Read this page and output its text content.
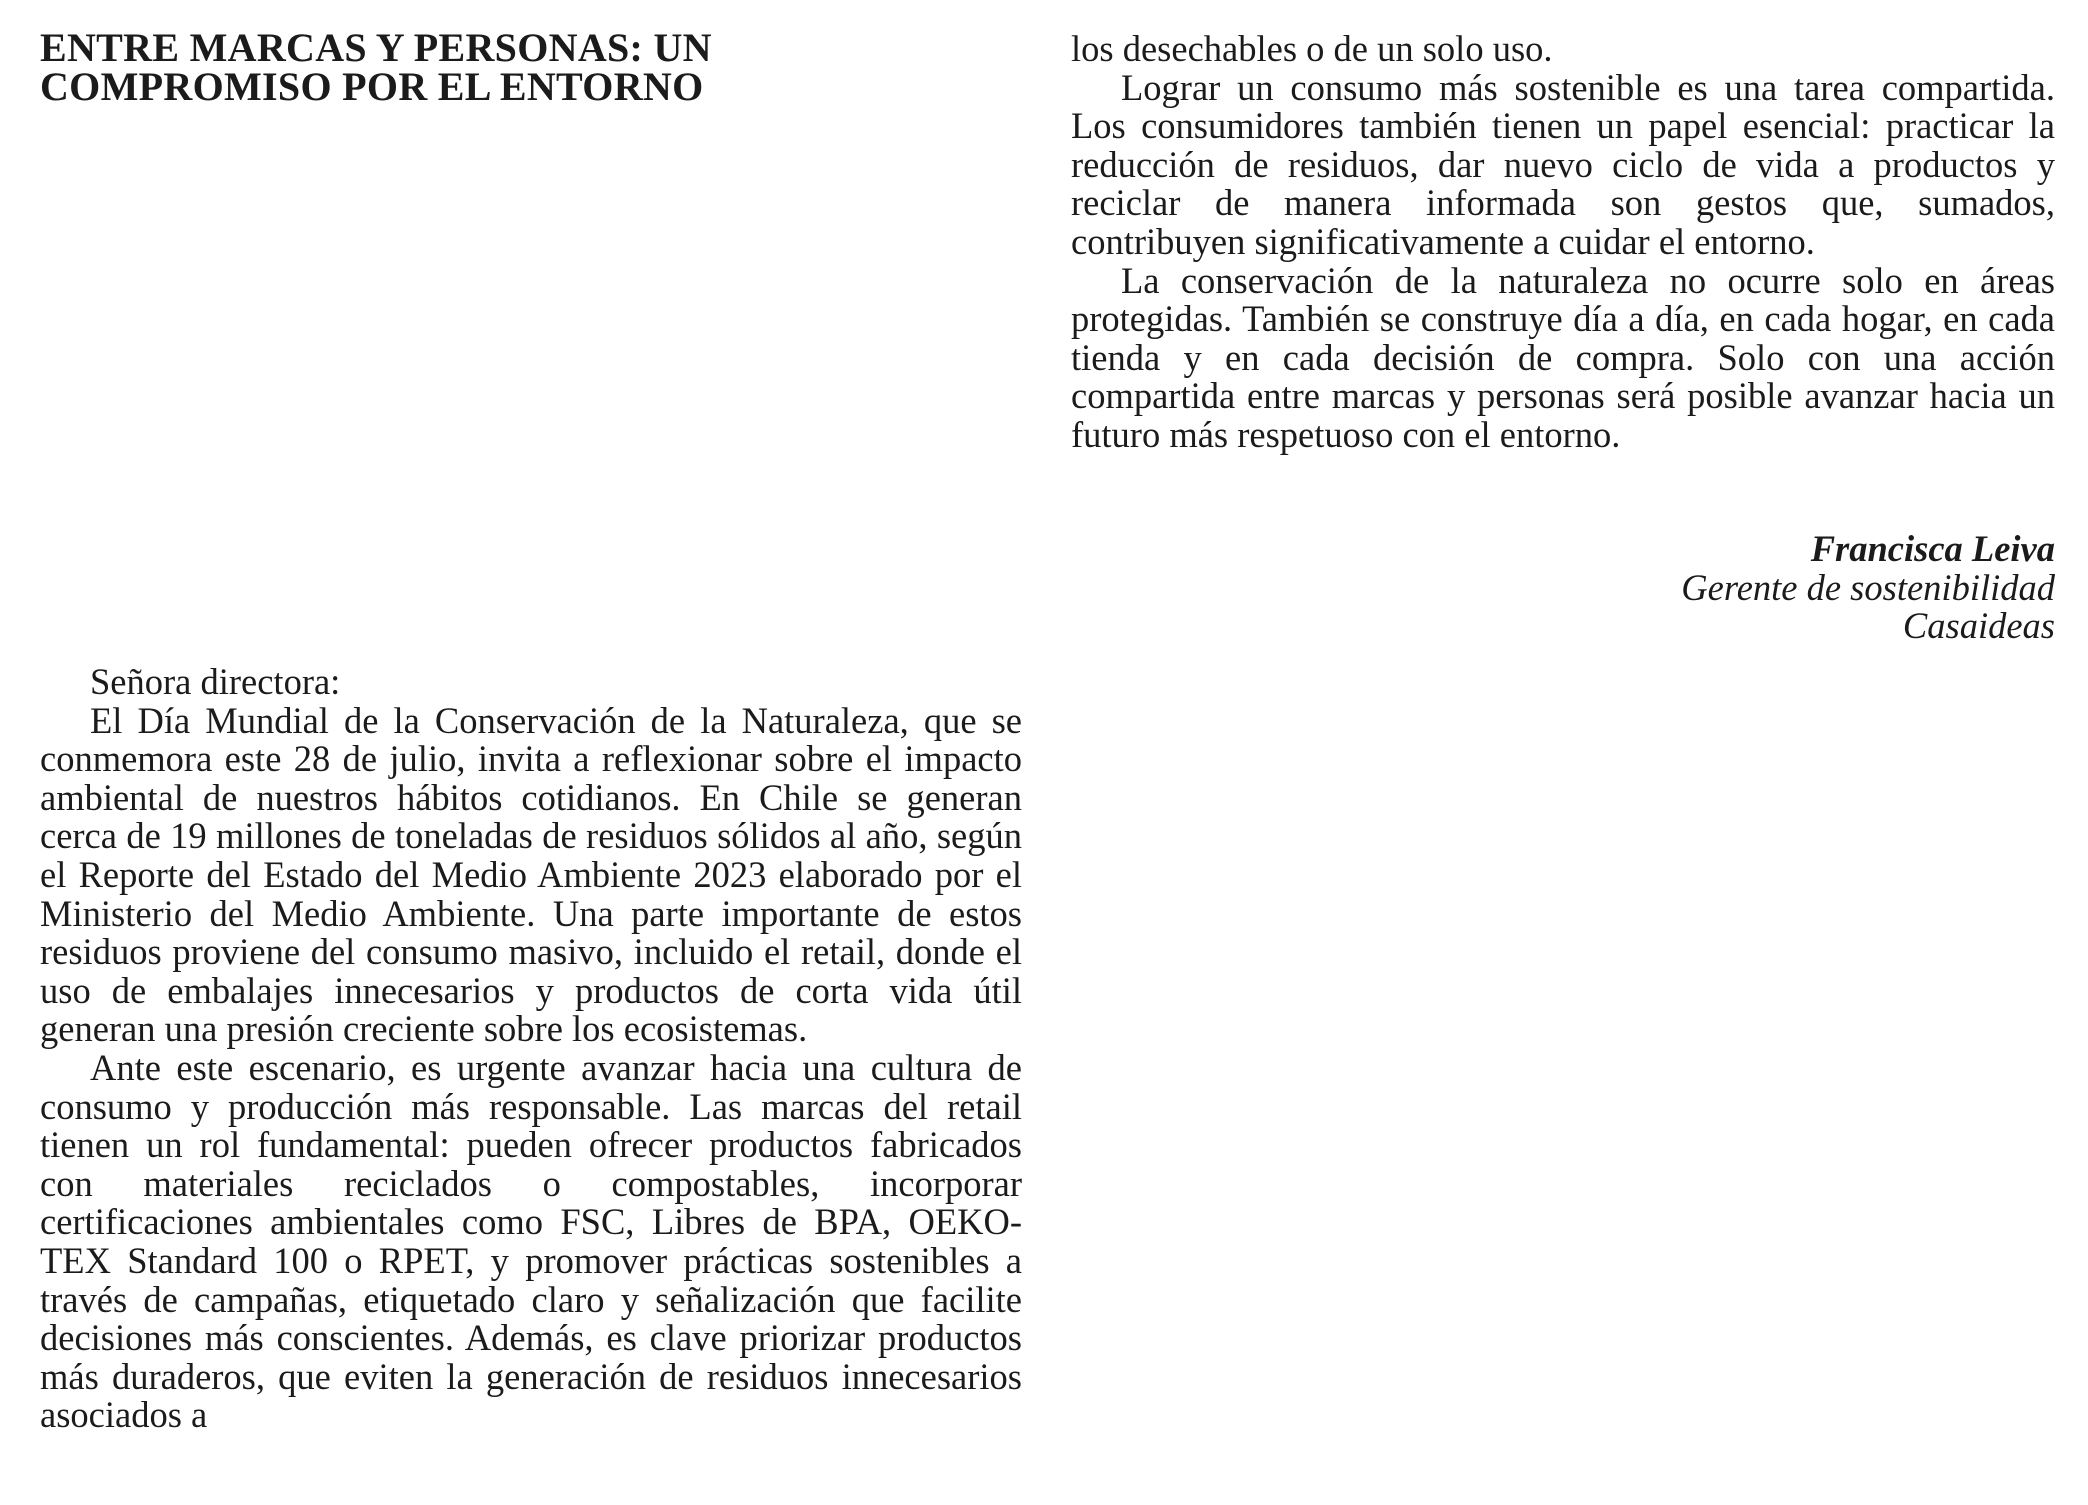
ENTRE MARCAS Y PERSONAS: UN COMPROMISO POR EL ENTORNO

Señora directora:

El Día Mundial de la Conservación de la Naturaleza, que se conmemora este 28 de julio, invita a reflexionar sobre el impacto ambiental de nuestros hábitos cotidianos. En Chile se generan cerca de 19 millones de toneladas de residuos sólidos al año, según el Reporte del Estado del Medio Ambiente 2023 elaborado por el Ministerio del Medio Ambiente. Una parte importante de estos residuos proviene del consumo masivo, incluido el retail, donde el uso de embalajes innecesarios y productos de corta vida útil generan una presión creciente sobre los ecosistemas.

Ante este escenario, es urgente avanzar hacia una cultura de consumo y producción más responsable. Las marcas del retail tienen un rol fundamental: pueden ofrecer productos fabricados con materiales reciclados o compostables, incorporar certificaciones ambientales como FSC, Libres de BPA, OEKO-TEX Standard 100 o RPET, y promover prácticas sostenibles a través de campañas, etiquetado claro y señalización que facilite decisiones más conscientes. Además, es clave priorizar productos más duraderos, que eviten la generación de residuos innecesarios asociados a

los desechables o de un solo uso.

Lograr un consumo más sostenible es una tarea compartida. Los consumidores también tienen un papel esencial: practicar la reducción de residuos, dar nuevo ciclo de vida a productos y reciclar de manera informada son gestos que, sumados, contribuyen significativamente a cuidar el entorno.

La conservación de la naturaleza no ocurre solo en áreas protegidas. También se construye día a día, en cada hogar, en cada tienda y en cada decisión de compra. Solo con una acción compartida entre marcas y personas será posible avanzar hacia un futuro más respetuoso con el entorno.

Francisca Leiva
Gerente de sostenibilidad
Casaideas
